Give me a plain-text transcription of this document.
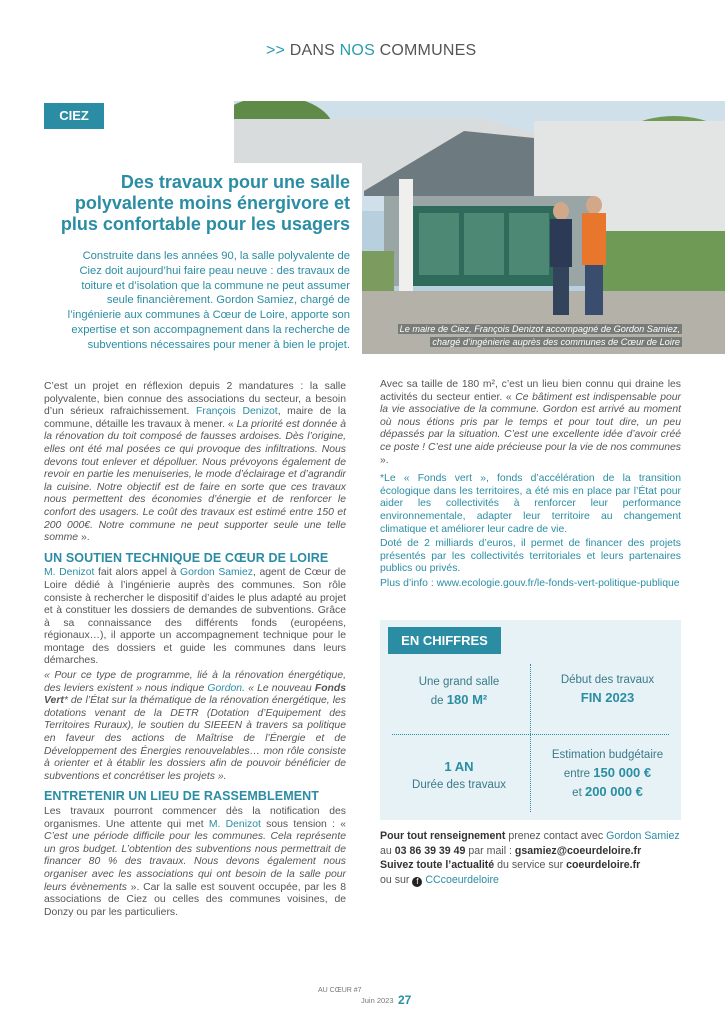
>> DANS NOS COMMUNES
CIEZ
Des travaux pour une salle polyvalente moins énergivore et plus confortable pour les usagers
Construite dans les années 90, la salle polyvalente de Ciez doit aujourd’hui faire peau neuve : des travaux de toiture et d’isolation que la commune ne peut assumer seule financièrement. Gordon Samiez, chargé de l’ingénierie aux communes à Cœur de Loire, apporte son expertise et son accompagnement dans la recherche de subventions nécessaires pour mener à bien le projet.
Le maire de Ciez, François Denizot accompagné de Gordon Samiez,
chargé d’ingénierie auprès des communes de Cœur de Loire

C’est un projet en réflexion depuis 2 mandatures : la salle polyvalente, bien connue des associations du secteur, a besoin d’un sérieux rafraichissement. François Denizot, maire de la commune, détaille les travaux à mener. « La priorité est donnée à la rénovation du toit composé de fausses ardoises. Dès l’origine, elles ont été mal posées ce qui provoque des infiltrations. Nous devons tout enlever et dépolluer. Nous prévoyons également de revoir en partie les menuiseries, le mode d’éclairage et d’agrandir la cuisine. Notre objectif est de faire en sorte que ces travaux nous permettent des économies d’énergie et de renforcer le confort des usagers. Le coût des travaux est estimé entre 150 et 200 000€. Notre commune ne peut supporter seule une telle somme ».

UN SOUTIEN TECHNIQUE DE CŒUR DE LOIRE

M. Denizot fait alors appel à Gordon Samiez, agent de Cœur de Loire dédié à l’ingénierie auprès des communes. Son rôle consiste à rechercher le dispositif d’aides le plus adapté au projet et à constituer les dossiers de demandes de subventions. Grâce à sa connaissance des différents fonds (européens, régionaux…), il apporte un accompagnement technique pour le montage des dossiers et guide les communes dans leurs démarches.

« Pour ce type de programme, lié à la rénovation énergétique, des leviers existent » nous indique Gordon. « Le nouveau Fonds Vert* de l’État sur la thématique de la rénovation énergétique, les dotations venant de la DETR (Dotation d’Equipement des Territoires Ruraux), le soutien du SIEEEN à travers sa politique en faveur des actions de Maîtrise de l’Énergie et de Développement des Énergies renouvelables… mon rôle consiste à orienter et à établir les dossiers afin de pouvoir bénéficier de subventions et concrétiser les projets ».

ENTRETENIR UN LIEU DE RASSEMBLEMENT

Les travaux pourront commencer dès la notification des organismes. Une attente qui met M. Denizot sous tension : « C’est une période difficile pour les communes. Cela représente un gros budget. L’obtention des subventions nous permettrait de financer 80 % des travaux. Nous devons également nous organiser avec les associations qui ont besoin de la salle pour leurs évènements ». Car la salle est souvent occupée, par les 8 associations de Ciez ou celles des communes voisines, de Donzy ou par les particuliers.

Avec sa taille de 180 m², c’est un lieu bien connu qui draine les activités du secteur entier. « Ce bâtiment est indispensable pour la vie associative de la commune. Gordon est arrivé au moment où nous étions pris par le temps et pour tout dire, un peu dépassés par la situation. C’est une excellente idée d’avoir créé ce poste ! C’est une aide précieuse pour la vie de nos communes ».

*Le « Fonds vert », fonds d’accélération de la transition écologique dans les territoires, a été mis en place par l’État pour aider les collectivités à renforcer leur performance environnementale, adapter leur territoire au changement climatique et améliorer leur cadre de vie.

Doté de 2 milliards d’euros, il permet de financer des projets présentés par les collectivités territoriales et leurs partenaires publics ou privés.

Plus d’info : www.ecologie.gouv.fr/le-fonds-vert-politique-publique

EN CHIFFRES
Une grand salle
de 180 M²
Début des travaux
FIN 2023
1 AN
Durée des travaux
Estimation budgétaire
entre 150 000 €
et 200 000 €
Pour tout renseignement prenez contact avec Gordon Samiez
au 03 86 39 39 49 par mail : gsamiez@coeurdeloire.fr
Suivez toute l’actualité du service sur coeurdeloire.fr
ou sur f CCcoeurdeloire
AU CŒUR #7
Juin 2023 27
